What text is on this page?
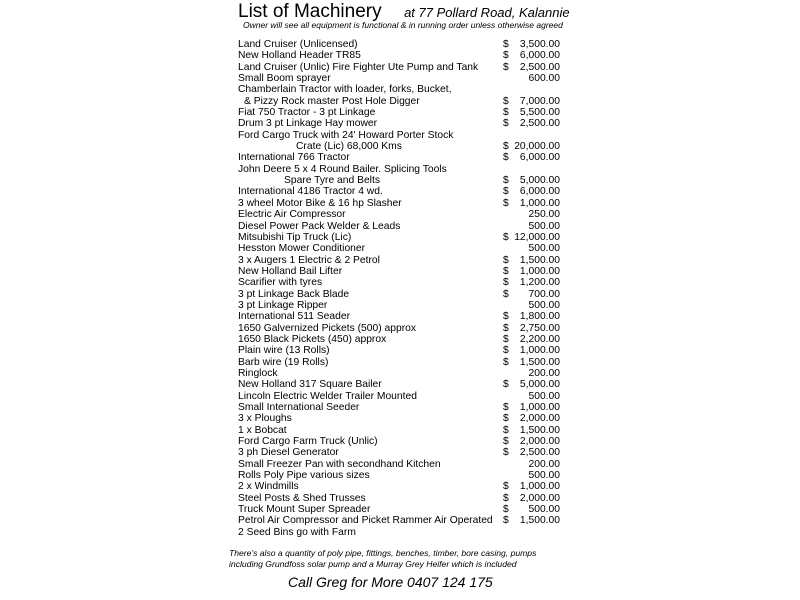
List of Machinery at 77 Pollard Road, Kalannie
Owner will see all equipment is functional & in running order unless otherwise agreed
Land Cruiser (Unlicensed)	$ 3,500.00
New Holland Header TR85	$ 6,000.00
Land Cruiser (Unlic) Fire Fighter Ute Pump and Tank $ 2,500.00
Small Boom sprayer	600.00
Chamberlain Tractor with loader, forks, Bucket,
& Pizzy Rock master Post Hole Digger	$ 7,000.00
Fiat 750 Tractor - 3 pt Linkage	$ 5,500.00
Drum 3 pt Linkage Hay mower	$ 2,500.00
Ford Cargo Truck with 24' Howard Porter Stock
Crate (Lic) 68,000 Kms	$ 20,000.00
International 766 Tractor	$ 6,000.00
John Deere 5 x 4 Round Bailer. Splicing Tools
Spare Tyre and Belts	$ 5,000.00
International 4186 Tractor 4 wd.	$ 6,000.00
3 wheel Motor Bike & 16 hp Slasher	$ 1,000.00
Electric Air Compressor	250.00
Diesel Power Pack Welder & Leads	500.00
Mitsubishi Tip Truck (Lic)	$ 12,000.00
Hesston Mower Conditioner	500.00
3 x Augers 1 Electric & 2 Petrol	$ 1,500.00
New Holland Bail Lifter	$ 1,000.00
Scarifier with tyres	$ 1,200.00
3 pt Linkage Back Blade	$ 700.00
3 pt Linkage Ripper	500.00
International 511 Seader	$ 1,800.00
1650 Galvernized Pickets (500) approx	$ 2,750.00
1650 Black Pickets (450) approx	$ 2,200.00
Plain wire (13 Rolls)	$ 1,000.00
Barb wire (19 Rolls)	$ 1,500.00
Ringlock	200.00
New Holland 317 Square Bailer	$ 5,000.00
Lincoln Electric Welder Trailer Mounted	500.00
Small International Seeder	$ 1,000.00
3 x Ploughs	$ 2,000.00
1 x Bobcat	$ 1,500.00
Ford Cargo Farm Truck (Unlic)	$ 2,000.00
3 ph Diesel Generator	$ 2,500.00
Small Freezer Pan with secondhand Kitchen	200.00
Rolls Poly Pipe various sizes	500.00
2 x Windmills	$ 1,000.00
Steel Posts & Shed Trusses	$ 2,000.00
Truck Mount Super Spreader	$ 500.00
Petrol Air Compressor and Picket Rammer Air Operated $ 1,500.00
2 Seed Bins go with Farm
There's also a quantity of poly pipe, fittings, benches, timber, bore casing, pumps
including Grundfoss solar pump and a Murray Grey Heifer which is included
Call Greg for More 0407 124 175
